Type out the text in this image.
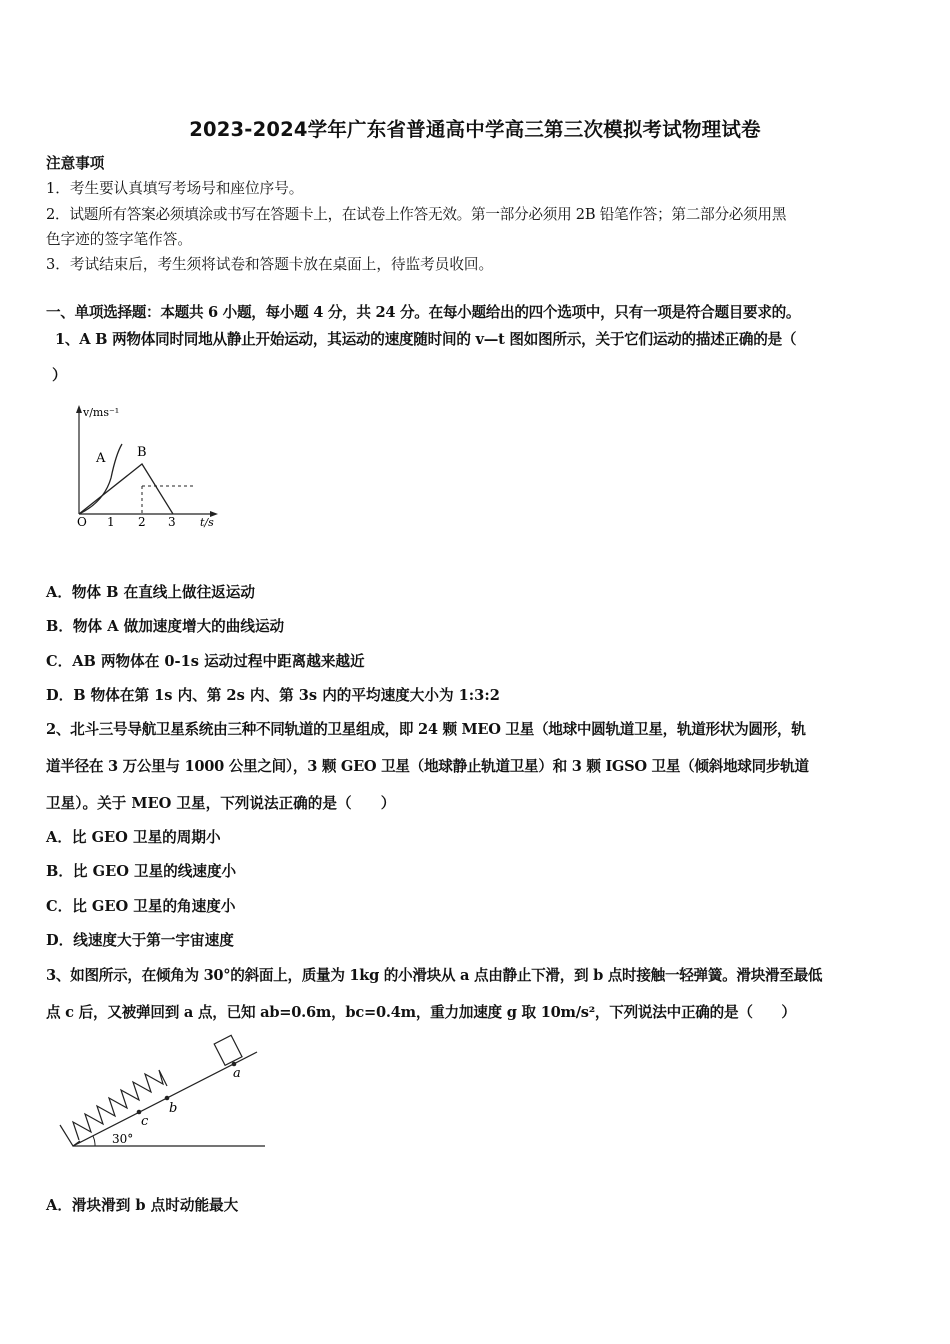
2023-2024学年广东省普通高中学高三第三次模拟考试物理试卷
注意事项
1．考生要认真填写考场号和座位序号。
2．试题所有答案必须填涂或书写在答题卡上，在试卷上作答无效。第一部分必须用 2B 铅笔作答；第二部分必须用黑
色字迹的签字笔作答。
3．考试结束后，考生须将试卷和答题卡放在桌面上，待监考员收回。
一、单项选择题：本题共 6 小题，每小题 4 分，共 24 分。在每小题给出的四个选项中，只有一项是符合题目要求的。
1、A B 两物体同时同地从静止开始运动，其运动的速度随时间的 v—t 图如图所示，关于它们运动的描述正确的是（
）
v/ms⁻¹
t/s
O 1 2 3
A B
A．物体 B 在直线上做往返运动
B．物体 A 做加速度增大的曲线运动
C．AB 两物体在 0-1s 运动过程中距离越来越近
D．B 物体在第 1s 内、第 2s 内、第 3s 内的平均速度大小为 1:3:2
2、北斗三号导航卫星系统由三种不同轨道的卫星组成，即 24 颗 MEO 卫星（地球中圆轨道卫星，轨道形状为圆形，轨
道半径在 3 万公里与 1000 公里之间），3 颗 GEO 卫星（地球静止轨道卫星）和 3 颗 IGSO 卫星（倾斜地球同步轨道
卫星）。关于 MEO 卫星，下列说法正确的是（　　）
A．比 GEO 卫星的周期小
B．比 GEO 卫星的线速度小
C．比 GEO 卫星的角速度小
D．线速度大于第一宇宙速度
3、如图所示，在倾角为 30°的斜面上，质量为 1kg 的小滑块从 a 点由静止下滑，到 b 点时接触一轻弹簧。滑块滑至最低
点 c 后，又被弹回到 a 点，已知 ab=0.6m，bc=0.4m，重力加速度 g 取 10m/s²，下列说法中正确的是（　　）
30°
a
b
c
A．滑块滑到 b 点时动能最大
